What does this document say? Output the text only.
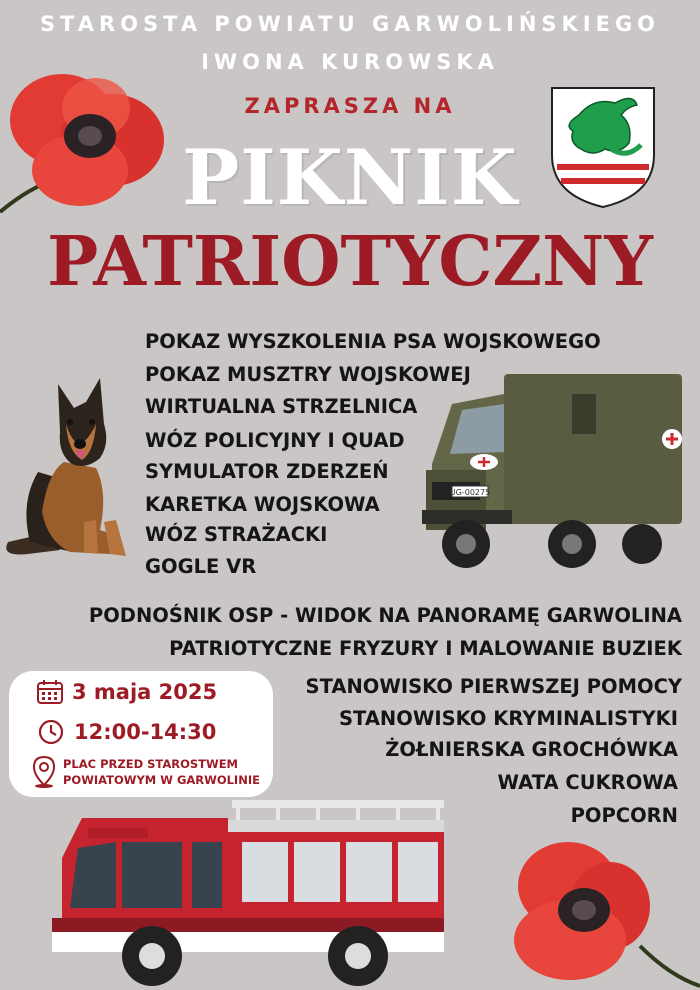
STAROSTA POWIATU GARWOLIŃSKIEGO
IWONA KUROWSKA
ZAPRASZA NA
PIKNIK
PATRIOTYCZNY
UG-00275
POKAZ WYSZKOLENIA PSA WOJSKOWEGO
POKAZ MUSZTRY WOJSKOWEJ
WIRTUALNA STRZELNICA
WÓZ POLICYJNY I QUAD
SYMULATOR ZDERZEŃ
KARETKA WOJSKOWA
WÓZ STRAŻACKI
GOGLE VR
PODNOŚNIK OSP - WIDOK NA PANORAMĘ GARWOLINA
PATRIOTYCZNE FRYZURY I MALOWANIE BUZIEK
STANOWISKO PIERWSZEJ POMOCY
STANOWISKO KRYMINALISTYKI
ŻOŁNIERSKA GROCHÓWKA
WATA CUKROWA
POPCORN
3 maja 2025
12:00-14:30
PLAC PRZED STAROSTWEM
POWIATOWYM W GARWOLINIE
